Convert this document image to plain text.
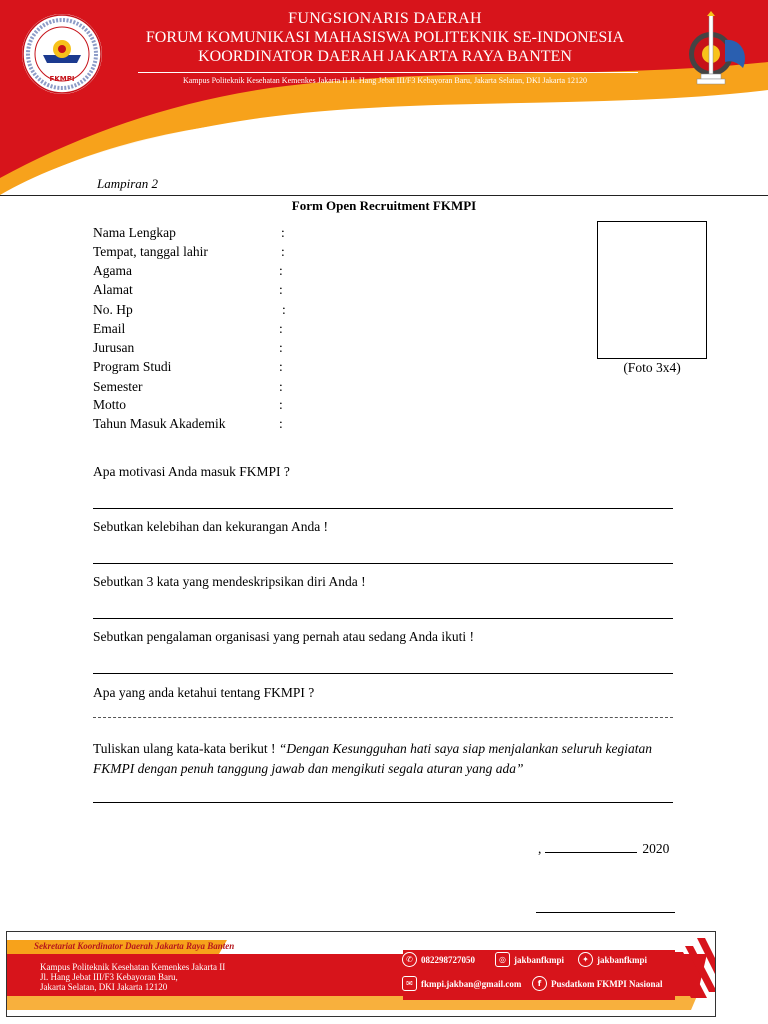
FKMPI
FUNGSIONARIS DAERAH
FORUM KOMUNIKASI MAHASISWA POLITEKNIK SE-INDONESIA
KOORDINATOR DAERAH JAKARTA RAYA BANTEN
Kampus Politeknik Kesehatan Kemenkes Jakarta II Jl. Hang Jebat III/F3 Kebayoran Baru, Jakarta Selatan, DKI Jakarta 12120
Lampiran 2
Form Open Recruitment FKMPI
Nama Lengkap	:
Tempat, tanggal lahir	:
Agama	:
Alamat	:
No. Hp	:
Email	:
Jurusan	:
Program Studi	:
Semester	:
Motto	:
Tahun Masuk Akademik	:
(Foto 3x4)
Apa motivasi Anda masuk FKMPI ?
Sebutkan kelebihan dan kekurangan Anda !
Sebutkan 3 kata yang mendeskripsikan diri Anda !
Sebutkan pengalaman organisasi yang pernah atau sedang Anda ikuti !
Apa yang anda ketahui tentang FKMPI ?
Tuliskan ulang kata-kata berikut ! “Dengan Kesungguhan hati saya siap menjalankan seluruh kegiatan FKMPI dengan penuh tanggung jawab dan mengikuti segala aturan yang ada”
,	2020
Sekretariat Koordinator Daerah Jakarta Raya Banten
Kampus Politeknik Kesehatan Kemenkes Jakarta II
Jl. Hang Jebat III/F3 Kebayoran Baru,
Jakarta Selatan, DKI Jakarta 12120
✆ 082298727050	◎ jakbanfkmpi	✦ jakbanfkmpi
✉ fkmpi.jakban@gmail.com	f	Pusdatkom FKMPI Nasional
